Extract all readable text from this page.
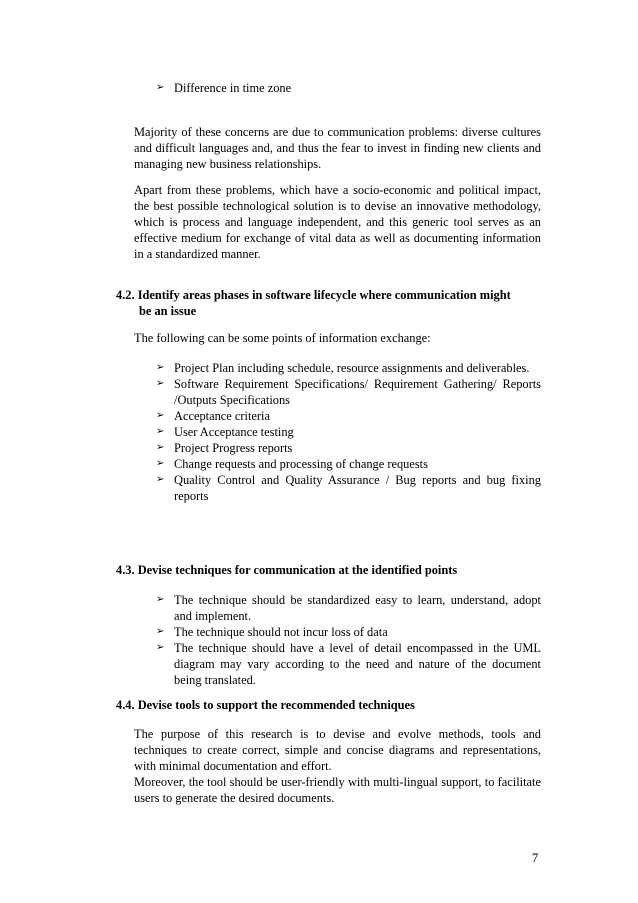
➢ Difference in time zone

Majority of these concerns are due to communication problems: diverse cultures and difficult languages and, and thus the fear to invest in finding new clients and managing new business relationships.

Apart from these problems, which have a socio-economic and political impact, the best possible technological solution is to devise an innovative methodology, which is process and language independent, and this generic tool serves as an effective medium for exchange of vital data as well as documenting information in a standardized manner.

4.2. Identify areas phases in software lifecycle where communication might

be an issue

The following can be some points of information exchange:

➢ Project Plan including schedule, resource assignments and deliverables.
➢ Software Requirement Specifications/ Requirement Gathering/ Reports /Outputs Specifications
➢ Acceptance criteria
➢ User Acceptance testing
➢ Project Progress reports
➢ Change requests and processing of change requests
➢ Quality Control and Quality Assurance / Bug reports and bug fixing reports

4.3. Devise techniques for communication at the identified points

➢ The technique should be standardized easy to learn, understand, adopt and implement.
➢ The technique should not incur loss of data
➢ The technique should have a level of detail encompassed in the UML diagram may vary according to the need and nature of the document being translated.

4.4. Devise tools to support the recommended techniques

The purpose of this research is to devise and evolve methods, tools and techniques to create correct, simple and concise diagrams and representations, with minimal documentation and effort.

Moreover, the tool should be user-friendly with multi-lingual support, to facilitate users to generate the desired documents.

7
